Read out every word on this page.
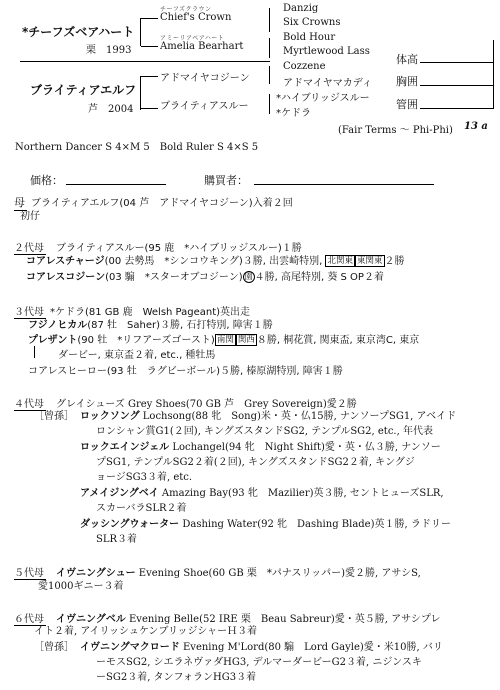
*チーフズベアハート
栗　1993
ブライティアエルフ
芦　2004
チーフズクラウン
Chief's Crown
アミーリアベアハート
Amelia Bearhart
アドマイヤコジーン
ブライティアスルー
Danzig
Six Crowns
Bold Hour
Myrtlewood Lass
Cozzene
アドマイヤマカディ
*ハイブリッジスルー
*ケドラ
体高
胸囲
管囲
(Fair Terms ～ Phi-Phi) 13 a
Northern Dancer S 4×M 5　Bold Ruler S 4×S 5
価格：	購買者：
母 ブライティアエルフ(04 芦　アドマイヤコジーン)入着２回
初仔
２代母 ブライティアスルー(95 鹿　*ハイブリッジスルー)１勝
コアレスチャージ(00 去勢馬　*シンコウキング)３勝, 出雲崎特別, 北関東 東関東 ２勝
コアレスコジーン(03 騸　*スターオブコジーン) 園 ４勝, 高尾特別, 葵 S OP２着
３代母 *ケドラ(81 GB 鹿　Welsh Pageant)英出走
フジノヒカル(87 牡　Saher)３勝, 石打特別, 障害１勝
プレザント(90 牡　*リフアーズゴースト) 南関 関西 ８勝, 桐花賞, 関東盃, 東京湾C, 東京
ダービー, 東京盃２着, etc., 種牡馬
コアレスヒーロー(93 牡　ラグビーボール)５勝, 榛原湖特別, 障害１勝
４代母 グレイシューズ Grey Shoes(70 GB 芦　Grey Sovereign)愛２勝
［曾孫］ ロックソング Lochsong(88 牝　Song)米・英・仏15勝, ナンソープSG1, アベイド
ロンシャン賞G1(２回), キングズスタンドSG2, テンプルSG2, etc., 年代表
ロックエインジェル Lochangel(94 牝　Night Shift)愛・英・仏３勝, ナンソー
プSG1, テンプルSG2２着(２回), キングズスタンドSG2２着, キングジ
ョージSG3３着, etc.
アメイジングベイ Amazing Bay(93 牝　Mazilier)英３勝, セントヒューズSLR,
スカーバラSLR２着
ダッシングウォーター Dashing Water(92 牝　Dashing Blade)英１勝, ラドリー
SLR３着
５代母 イヴニングシュー Evening Shoe(60 GB 栗　*パナスリッパー)愛２勝, アサシS,
愛1000ギニー３着
６代母 イヴニングベル Evening Belle(52 IRE 栗　Beau Sabreur)愛・英５勝, アサシプレ
イト２着, アイリッシュケンブリッジシャーＨ３着
［曾孫］ イヴニングマクロード Evening M'Lord(80 騸　Lord Gayle)愛・米10勝, バリ
ーモスSG2, シエラネヴァダHG3, デルマーダービーG2３着, ニジンスキ
ーSG2３着, タンフォランHG3３着
